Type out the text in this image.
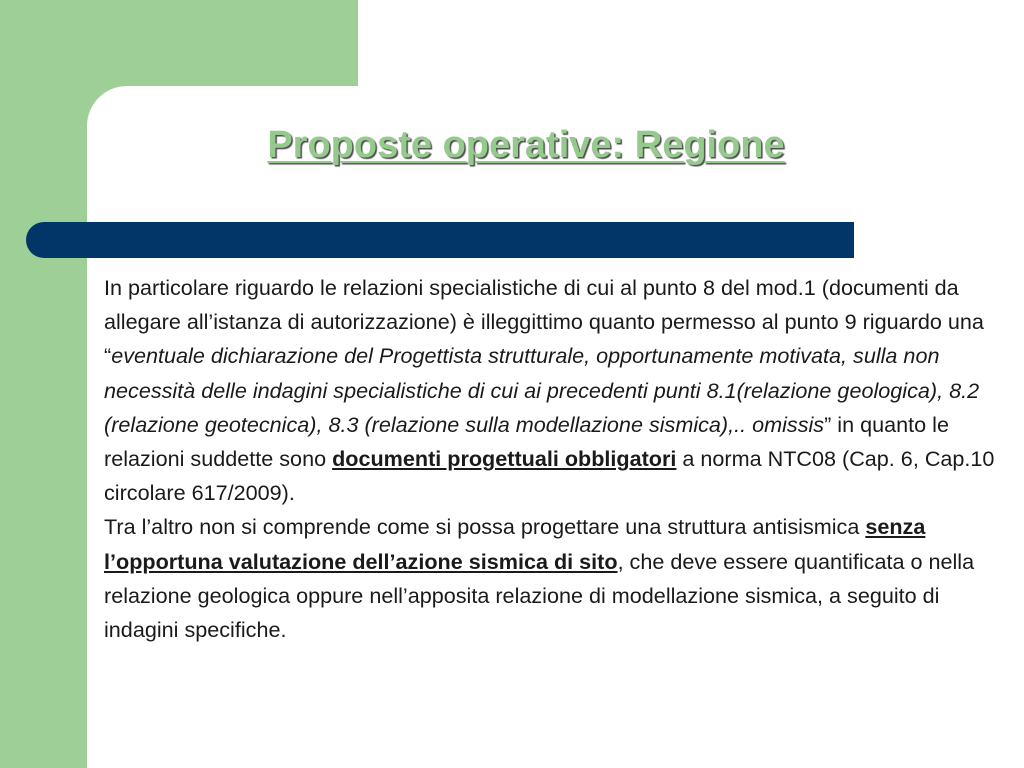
Proposte operative: Regione

In particolare riguardo le relazioni specialistiche di cui al punto 8 del mod.1 (documenti da allegare all’istanza di autorizzazione) è illeggittimo quanto permesso al punto 9 riguardo una “eventuale dichiarazione del Progettista strutturale, opportunamente motivata, sulla non necessità delle indagini specialistiche di cui ai precedenti punti 8.1(relazione geologica), 8.2 (relazione geotecnica), 8.3 (relazione sulla modellazione sismica),.. omissis” in quanto le relazioni suddette sono documenti progettuali obbligatori a norma NTC08 (Cap. 6, Cap.10 circolare 617/2009).

Tra l’altro non si comprende come si possa progettare una struttura antisismica senza l’opportuna valutazione dell’azione sismica di sito, che deve essere quantificata o nella relazione geologica oppure nell’apposita relazione di modellazione sismica, a seguito di indagini specifiche.
